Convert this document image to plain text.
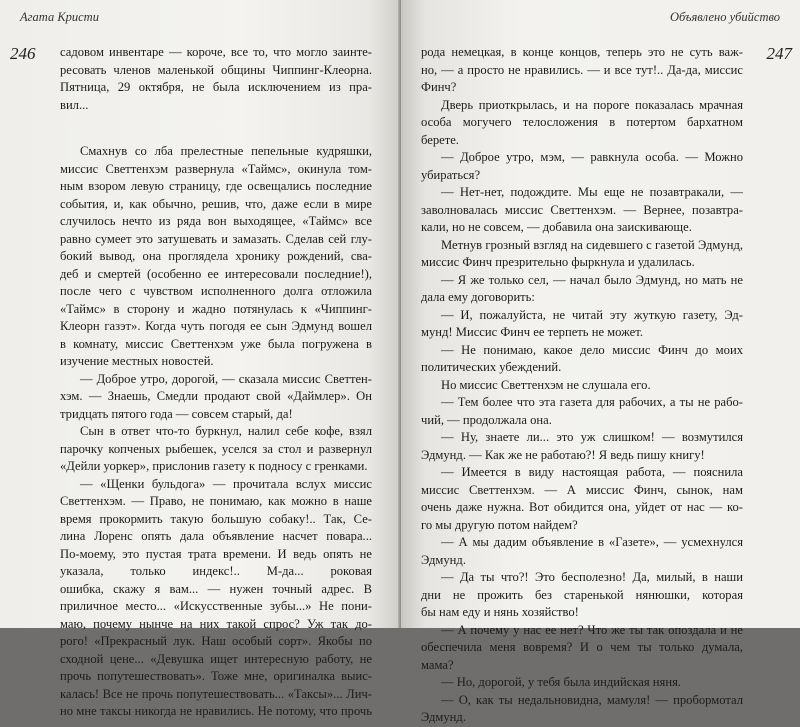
Агата Кристи
246 садовом инвентаре — короче, все то, что могло заинте-
ресовать членов маленькой общины Чиппинг-Клеорна.
Пятница, 29 октября, не была исключением из пра-
вил...
Смахнув со лба прелестные пепельные кудряшки,
миссис Светтенхэм развернула «Таймс», окинула том-
ным взором левую страницу, где освещались последние
события, и, как обычно, решив, что, даже если в мире
случилось нечто из ряда вон выходящее, «Таймс» все
равно сумеет это затушевать и замазать. Сделав сей глу-
бокий вывод, она проглядела хронику рождений, сва-
деб и смертей (особенно ее интересовали последние!),
после чего с чувством исполненного долга отложила
«Таймс» в сторону и жадно потянулась к «Чиппинг-
Клеорн газэт». Когда чуть погодя ее сын Эдмунд вошел
в комнату, миссис Светтенхэм уже была погружена в
изучение местных новостей.
— Доброе утро, дорогой, — сказала миссис Светтен-
хэм. — Знаешь, Смедли продают свой «Даймлер». Он
тридцать пятого года — совсем старый, да!
Сын в ответ что-то буркнул, налил себе кофе, взял
парочку копченых рыбешек, уселся за стол и развернул
«Дейли уоркер», прислонив газету к подносу с гренками.
— «Щенки бульдога» — прочитала вслух миссис
Светтенхэм. — Право, не понимаю, как можно в наше
время прокормить такую большую собаку!.. Так, Се-
лина Лоренс опять дала объявление насчет повара...
По-моему, это пустая трата времени. И ведь опять не
указала, только индекс!.. М-да... роковая
ошибка, скажу я вам... — нужен точный адрес. В
приличное место... «Искусственные зубы...» Не пони-
маю, почему нынче на них такой спрос? Уж так до-
рого! «Прекрасный лук. Наш особый сорт». Якобы по
сходной цене... «Девушка ищет интересную работу, не
прочь попутешествовать». Тоже мне, оригиналка выис-
калась! Все не прочь попутешествовать... «Таксы»... Лич-
но мне таксы никогда не нравились. Не потому, что прочь
Объявлено убийство
247
рода немецкая, в конце концов, теперь это не суть важ-
но, — а просто не нравились. — и все тут!.. Да-да, миссис
Финч?
Дверь приоткрылась, и на пороге показалась мрачная
особа могучего телосложения в потертом бархатном
берете.
— Доброе утро, мэм, — равкнула особа. — Можно
убираться?
— Нет-нет, подождите. Мы еще не позавтракали, —
заволновалась миссис Светтенхэм. — Вернее, позавтра-
кали, но не совсем, — добавила она заискивающе.
Метнув грозный взгляд на сидевшего с газетой Эдмунд,
миссис Финч презрительно фыркнула и удалилась.
— Я же только сел, — начал было Эдмунд, но мать не
дала ему договорить:
— И, пожалуйста, не читай эту жуткую газету, Эд-
мунд! Миссис Финч ее терпеть не может.
— Не понимаю, какое дело миссис Финч до моих
политических убеждений.
Но миссис Светтенхэм не слушала его.
— Тем более что эта газета для рабочих, а ты не рабо-
чий, — продолжала она.
— Ну, знаете ли... это уж слишком! — возмутился
Эдмунд. — Как же не работаю?! Я ведь пишу книгу!
— Имеется в виду настоящая работа, — пояснила
миссис Светтенхэм. — А миссис Финч, сынок, нам
очень даже нужна. Вот обидится она, уйдет от нас — ко-
го мы другую потом найдем?
— А мы дадим объявление в «Газете», — усмехнулся
Эдмунд.
— Да ты что?! Это бесполезно! Да, милый, в наши
дни не прожить без старенькой нянюшки, которая
бы нам еду и нянь хозяйство!
— А почему у нас ее нет? Что же ты так опоздала и не
обеспечила меня вовремя? И о чем ты только думала,
мама?
— Но, дорогой, у тебя была индийская няня.
— О, как ты недальновидна, мамуля! — пробормотал
Эдмунд.
